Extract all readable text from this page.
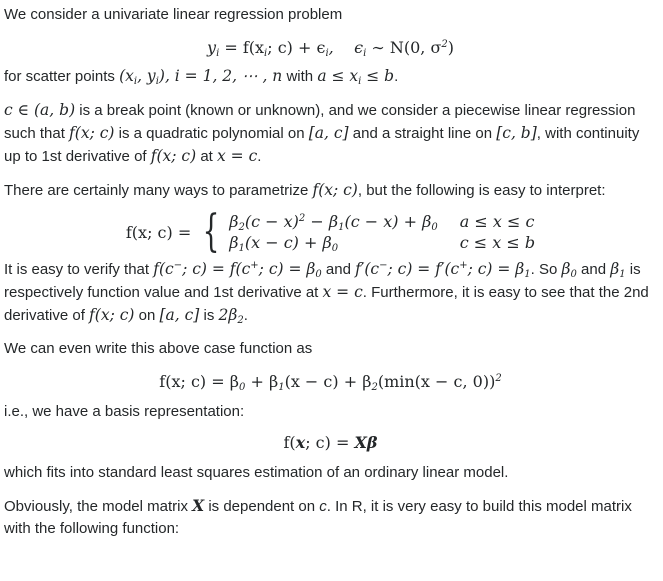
We consider a univariate linear regression problem

$y_i = f(x_i$; $c) + \epsilon_i$,    $\epsilon_i$ ∼ N(0, $\sigma^2$)

for scatter points ($x_i$, $y_i$), i = 1, 2, ⋯ , n with $a \le x_i \le b$.

c ∈ (a, b) is a break point (known or unknown), and we consider a piecewise linear regression such that f(x; c) is a quadratic polynomial on [a, c] and a straight line on [c, b], with continuity up to 1st derivative of f(x; c) at x = c.

There are certainly many ways to parametrize f(x; c), but the following is easy to interpret:

f(x; c) = { $\beta_2(c - x)^2 - \beta_1(c - x) + \beta_0$ a ≤ x ≤ c
$\beta_1(x - c) + \beta_0$	c ≤ x ≤ b

It is easy to verify that f(c−; c) = f(c+; $c) = \beta_0$ and f′(c−; c) = f′(c+; $c) = \beta_1$. So $\beta_0$ and $\beta_1$ is respectively function value and 1st derivative at x = c. Furthermore, it is easy to see that the 2nd derivative of f(x; c) on [a, c] is $2\beta_2$.

We can even write this above case function as

f(x; $c) = \beta_0 + \beta_1(x - c) + \beta_2(\min(x - c$, 0))$^2$

i.e., we have a basis representation:

f(x; c) = Xβ

which fits into standard least squares estimation of an ordinary linear model.

Obviously, the model matrix X is dependent on c. In R, it is very easy to build this model matrix with the following function:
